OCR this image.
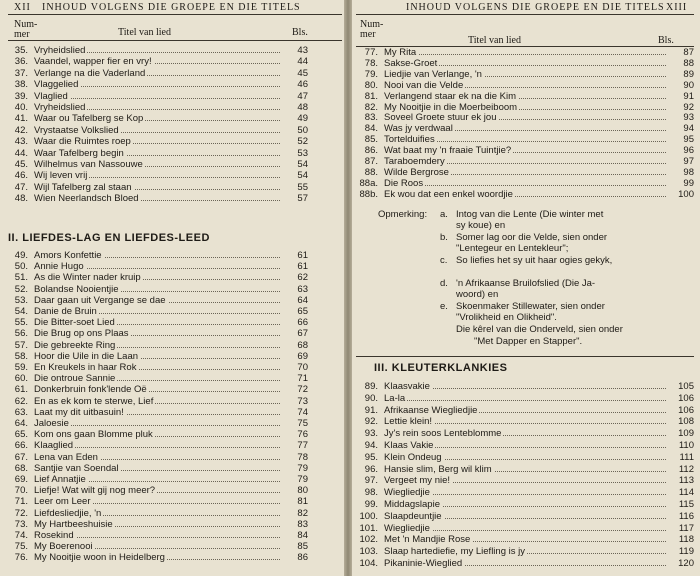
XII INHOUD VOLGENS DIE GROEPE EN DIE TITELS
Num-
mer	Titel van lied	Bls.
II. LIEFDES-LAG EN LIEFDES-LEED
35. Vryheidslied	43
36. Vaandel, wapper fier en vry!	44
37. Verlange na die Vaderland	45
38. Vlaggelied	46
39. Vlaglied	47
40. Vryheidslied	48
41. Waar ou Tafelberg se Kop	49
42. Vrystaatse Volkslied	50
43. Waar die Ruimtes roep	52
44. Waar Tafelberg begin	53
45. Wilhelmus van Nassouwe	54
46. Wij leven vrij	54
47. Wijl Tafelberg zal staan	55
48. Wien Neerlandsch Bloed	57
49. Amors Konfettie	61
50. Annie Hugo	61
51. As die Winter nader kruip	62
52. Bolandse Nooientjie	63
53. Daar gaan uit Vergange se dae	64
54. Danie de Bruin	65
55. Die Bitter-soet Lied	66
56. Die Brug op ons Plaas	67
57. Die gebreekte Ring	68
58. Hoor die Uile in die Laan	69
59. En Kreukels in haar Rok	70
60. Die ontroue Sannie	71
61. Donkerbruin fonk'lende Oë	72
62. En as ek kom te sterwe, Lief	73
63. Laat my dit uitbasuin!	74
64. Jaloesie	75
65. Kom ons gaan Blomme pluk	76
66. Klaaglied	77
67. Lena van Eden	78
68. Santjie van Soendal	79
69. Lief Annatjie	79
70. Liefje! Wat wilt gij nog meer?	80
71. Leer om Leer	81
72. Liefdesliedjie, 'n	82
73. My Hartbeeshuisie	83
74. Rosekind	84
75. My Boerenooi	85
76. My Nooitjie woon in Heidelberg	86
INHOUD VOLGENS DIE GROEPE EN DIE TITELS XIII
Num-
mer
Titel van lied	Bls.
Opmerking: a. Intog van die Lente (Die winter met
sy koue) en
b. Somer lag oor die Velde, sien onder
"Lentegeur en Lentekleur";
c. So liefies het sy uit haar ogies gekyk,
d. 'n Afrikaanse Bruilofslied (Die Ja-
woord) en
e. Skoenmaker Stillewater, sien onder
"Vrolikheid en Olikheid".
Die kêrel van die Onderveld, sien onder
"Met Dapper en Stapper".
III. KLEUTERKLANKIES
77. My Rita	87
78. Sakse-Groet	88
79. Liedjie van Verlange, 'n	89
80. Nooi van die Velde	90
81. Verlangend staar ek na die Kim	91
82. My Nooitjie in die Moerbeiboom	92
83. Soveel Groete stuur ek jou	93
84. Was jy verdwaal	94
85. Tortelduifies	95
86. Wat baat my 'n fraaie Tuintjie?	96
87. Taraboemdery	97
88. Wilde Bergrose	98
88a. Die Roos	99
88b. Ek wou dat een enkel woordjie	100
89. Klaasvakie	105
90. La-la	106
91. Afrikaanse Wiegliedjie	106
92. Lettie klein!	108
93. Jy's rein soos Lenteblomme	109
94. Klaas Vakie	110
95. Klein Ondeug	111
96. Hansie slim, Berg wil klim	112
97. Vergeet my nie!	113
98. Wiegliedjie	114
99. Middagslapie	115
100. Slaapdeuntjie	116
101. Wiegliedjie	117
102. Met 'n Mandjie Rose	118
103. Slaap hartediefie, my Liefling is jy	119
104. Pikaninie-Wieglied	120
